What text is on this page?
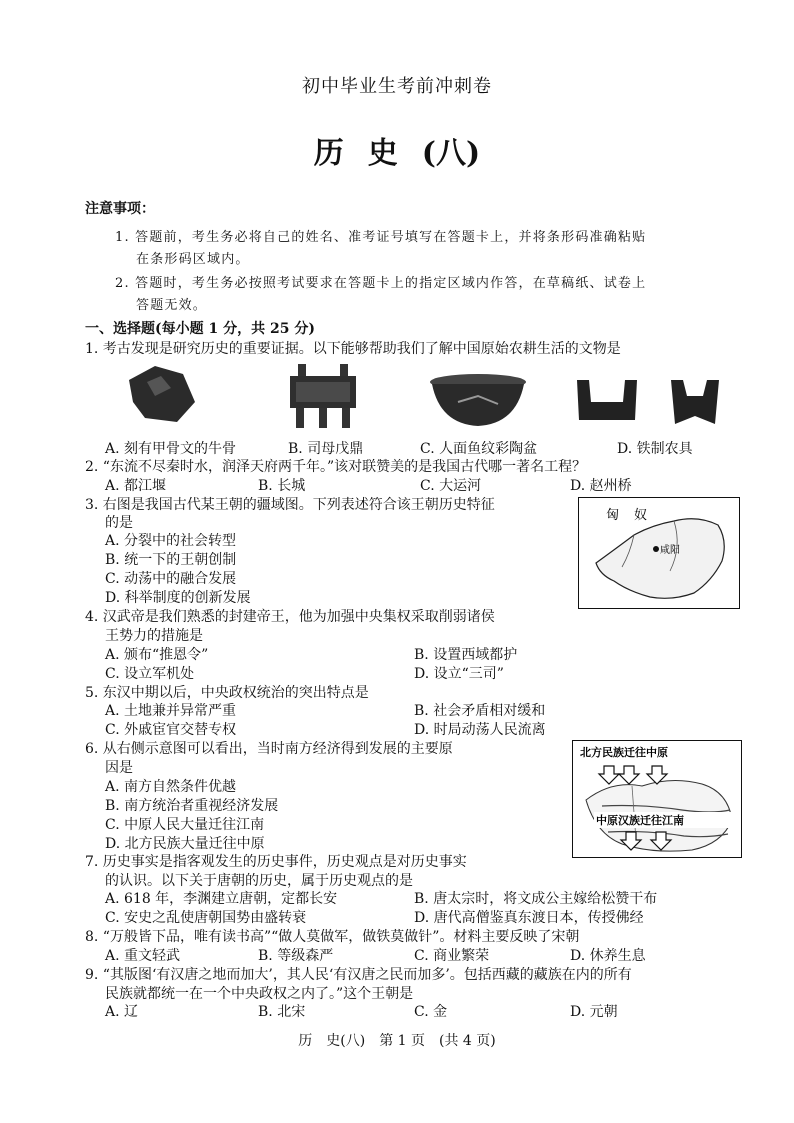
初中毕业生考前冲刺卷
历史(八)
注意事项：
1. 答题前，考生务必将自己的姓名、准考证号填写在答题卡上，并将条形码准确粘贴
在条形码区域内。
2. 答题时，考生务必按照考试要求在答题卡上的指定区域内作答，在草稿纸、试卷上
答题无效。
一、选择题(每小题 1 分，共 25 分)
1. 考古发现是研究历史的重要证据。以下能够帮助我们了解中国原始农耕生活的文物是
A. 刻有甲骨文的牛骨	B. 司母戊鼎	C. 人面鱼纹彩陶盆	D. 铁制农具
2. “东流不尽秦时水，润泽天府两千年。”该对联赞美的是我国古代哪一著名工程？
A. 都江堰	B. 长城	C. 大运河	D. 赵州桥
3. 右图是我国古代某王朝的疆域图。下列表述符合该王朝历史特征
的是
A. 分裂中的社会转型
B. 统一下的王朝创制
C. 动荡中的融合发展
D. 科举制度的创新发展
匈 奴
咸阳
4. 汉武帝是我们熟悉的封建帝王，他为加强中央集权采取削弱诸侯
王势力的措施是
A. 颁布“推恩令”	B. 设置西域都护
C. 设立军机处	D. 设立“三司”
5. 东汉中期以后，中央政权统治的突出特点是
A. 土地兼并异常严重	B. 社会矛盾相对缓和
C. 外戚宦官交替专权	D. 时局动荡人民流离
6. 从右侧示意图可以看出，当时南方经济得到发展的主要原
因是
A. 南方自然条件优越
B. 南方统治者重视经济发展
C. 中原人民大量迁往江南
D. 北方民族大量迁往中原
北方民族迁往中原
中原汉族迁往江南
7. 历史事实是指客观发生的历史事件，历史观点是对历史事实
的认识。以下关于唐朝的历史，属于历史观点的是
A. 618 年，李渊建立唐朝，定都长安	B. 唐太宗时，将文成公主嫁给松赞干布
C. 安史之乱使唐朝国势由盛转衰	D. 唐代高僧鉴真东渡日本，传授佛经
8. “万般皆下品，唯有读书高”“做人莫做军，做铁莫做针”。材料主要反映了宋朝
A. 重文轻武	B. 等级森严	C. 商业繁荣	D. 休养生息
9. “其版图‘有汉唐之地而加大’，其人民‘有汉唐之民而加多’。包括西藏的藏族在内的所有
民族就都统一在一个中央政权之内了。”这个王朝是
A. 辽	B. 北宋	C. 金	D. 元朝
历　史(八)　第 1 页　(共 4 页)
